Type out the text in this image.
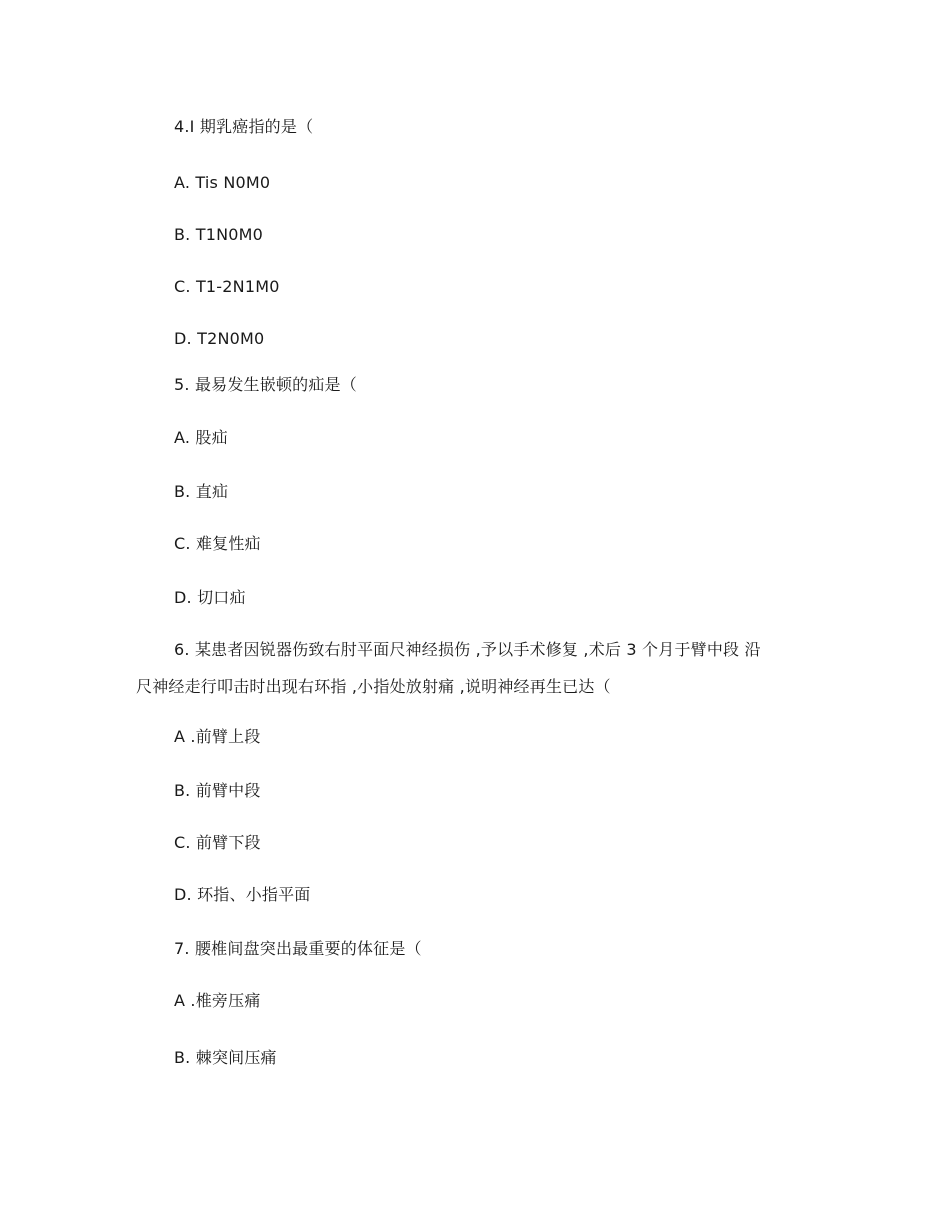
4.I 期乳癌指的是（
A. Tis N0M0
B. T1N0M0
C. T1-2N1M0
D. T2N0M0
5. 最易发生嵌顿的疝是（
A. 股疝
B. 直疝
C. 难复性疝
D. 切口疝
6. 某患者因锐器伤致右肘平面尺神经损伤 ,予以手术修复 ,术后 3 个月于臂中段 沿
尺神经走行叩击时出现右环指 ,小指处放射痛 ,说明神经再生已达（
A .前臂上段
B. 前臂中段
C. 前臂下段
D. 环指、小指平面
7. 腰椎间盘突出最重要的体征是（
A .椎旁压痛
B. 棘突间压痛
